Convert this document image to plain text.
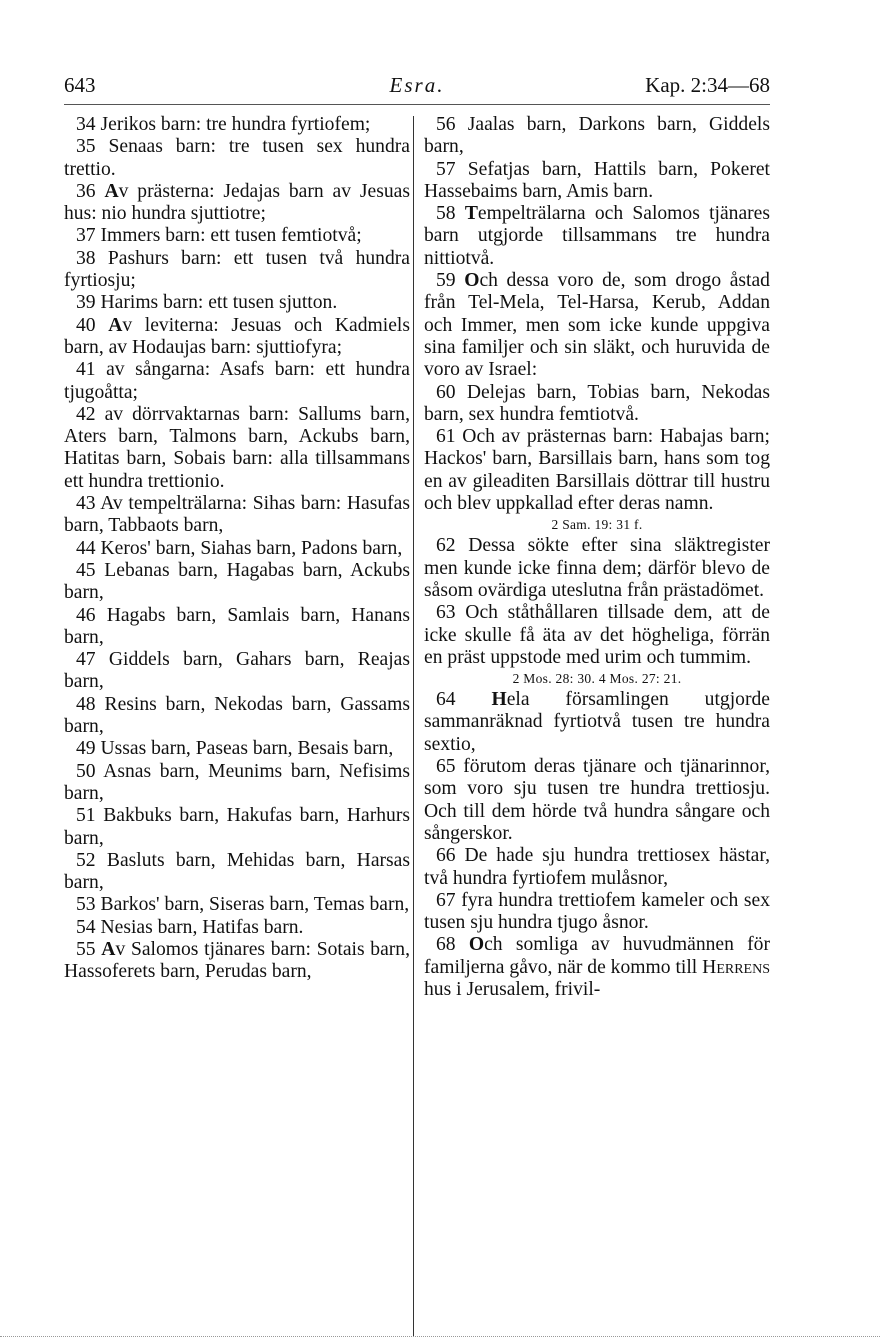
643	Esra.	Kap. 2:34—68

34 Jerikos barn: tre hundra fyrtiofem;

35 Senaas barn: tre tusen sex hundra trettio.

36 Av prästerna: Jedajas barn av Jesuas hus: nio hundra sjuttiotre;

37 Immers barn: ett tusen femtiotvå;

38 Pashurs barn: ett tusen två hundra fyrtiosju;

39 Harims barn: ett tusen sjutton.

40 Av leviterna: Jesuas och Kadmiels barn, av Hodaujas barn: sjuttiofyra;

41 av sångarna: Asafs barn: ett hundra tjugoåtta;

42 av dörrvaktarnas barn: Sallums barn, Aters barn, Talmons barn, Ackubs barn, Hatitas barn, Sobais barn: alla tillsammans ett hundra trettionio.

43 Av tempelträlarna: Sihas barn: Hasufas barn, Tabbaots barn,

44 Keros' barn, Siahas barn, Padons barn,

45 Lebanas barn, Hagabas barn, Ackubs barn,

46 Hagabs barn, Samlais barn, Hanans barn,

47 Giddels barn, Gahars barn, Reajas barn,

48 Resins barn, Nekodas barn, Gassams barn,

49 Ussas barn, Paseas barn, Besais barn,

50 Asnas barn, Meunims barn, Nefisims barn,

51 Bakbuks barn, Hakufas barn, Harhurs barn,

52 Basluts barn, Mehidas barn, Harsas barn,

53 Barkos' barn, Siseras barn, Temas barn,

54 Nesias barn, Hatifas barn.

55 Av Salomos tjänares barn: Sotais barn, Hassoferets barn, Perudas barn,

56 Jaalas barn, Darkons barn, Giddels barn,

57 Sefatjas barn, Hattils barn, Pokeret Hassebaims barn, Amis barn.

58 Tempelträlarna och Salomos tjänares barn utgjorde tillsammans tre hundra nittiotvå.

59 Och dessa voro de, som drogo åstad från Tel-Mela, Tel-Harsa, Kerub, Addan och Immer, men som icke kunde uppgiva sina familjer och sin släkt, och huruvida de voro av Israel:

60 Delejas barn, Tobias barn, Nekodas barn, sex hundra femtiotvå.

61 Och av prästernas barn: Habajas barn; Hackos' barn, Barsillais barn, hans som tog en av gileaditen Barsillais döttrar till hustru och blev uppkallad efter deras namn.

2 Sam. 19: 31 f.

62 Dessa sökte efter sina släktregister men kunde icke finna dem; därför blevo de såsom ovärdiga uteslutna från prästadömet.

63 Och ståthållaren tillsade dem, att de icke skulle få äta av det högheliga, förrän en präst uppstode med urim och tummim.

2 Mos. 28: 30. 4 Mos. 27: 21.

64 Hela församlingen utgjorde sammanräknad fyrtiotvå tusen tre hundra sextio,

65 förutom deras tjänare och tjänarinnor, som voro sju tusen tre hundra trettiosju. Och till dem hörde två hundra sångare och sångerskor.

66 De hade sju hundra trettiosex hästar, två hundra fyrtiofem mulåsnor,

67 fyra hundra trettiofem kameler och sex tusen sju hundra tjugo åsnor.

68 Och somliga av huvudmännen för familjerna gåvo, när de kommo till Herrens hus i Jerusalem, frivil-
